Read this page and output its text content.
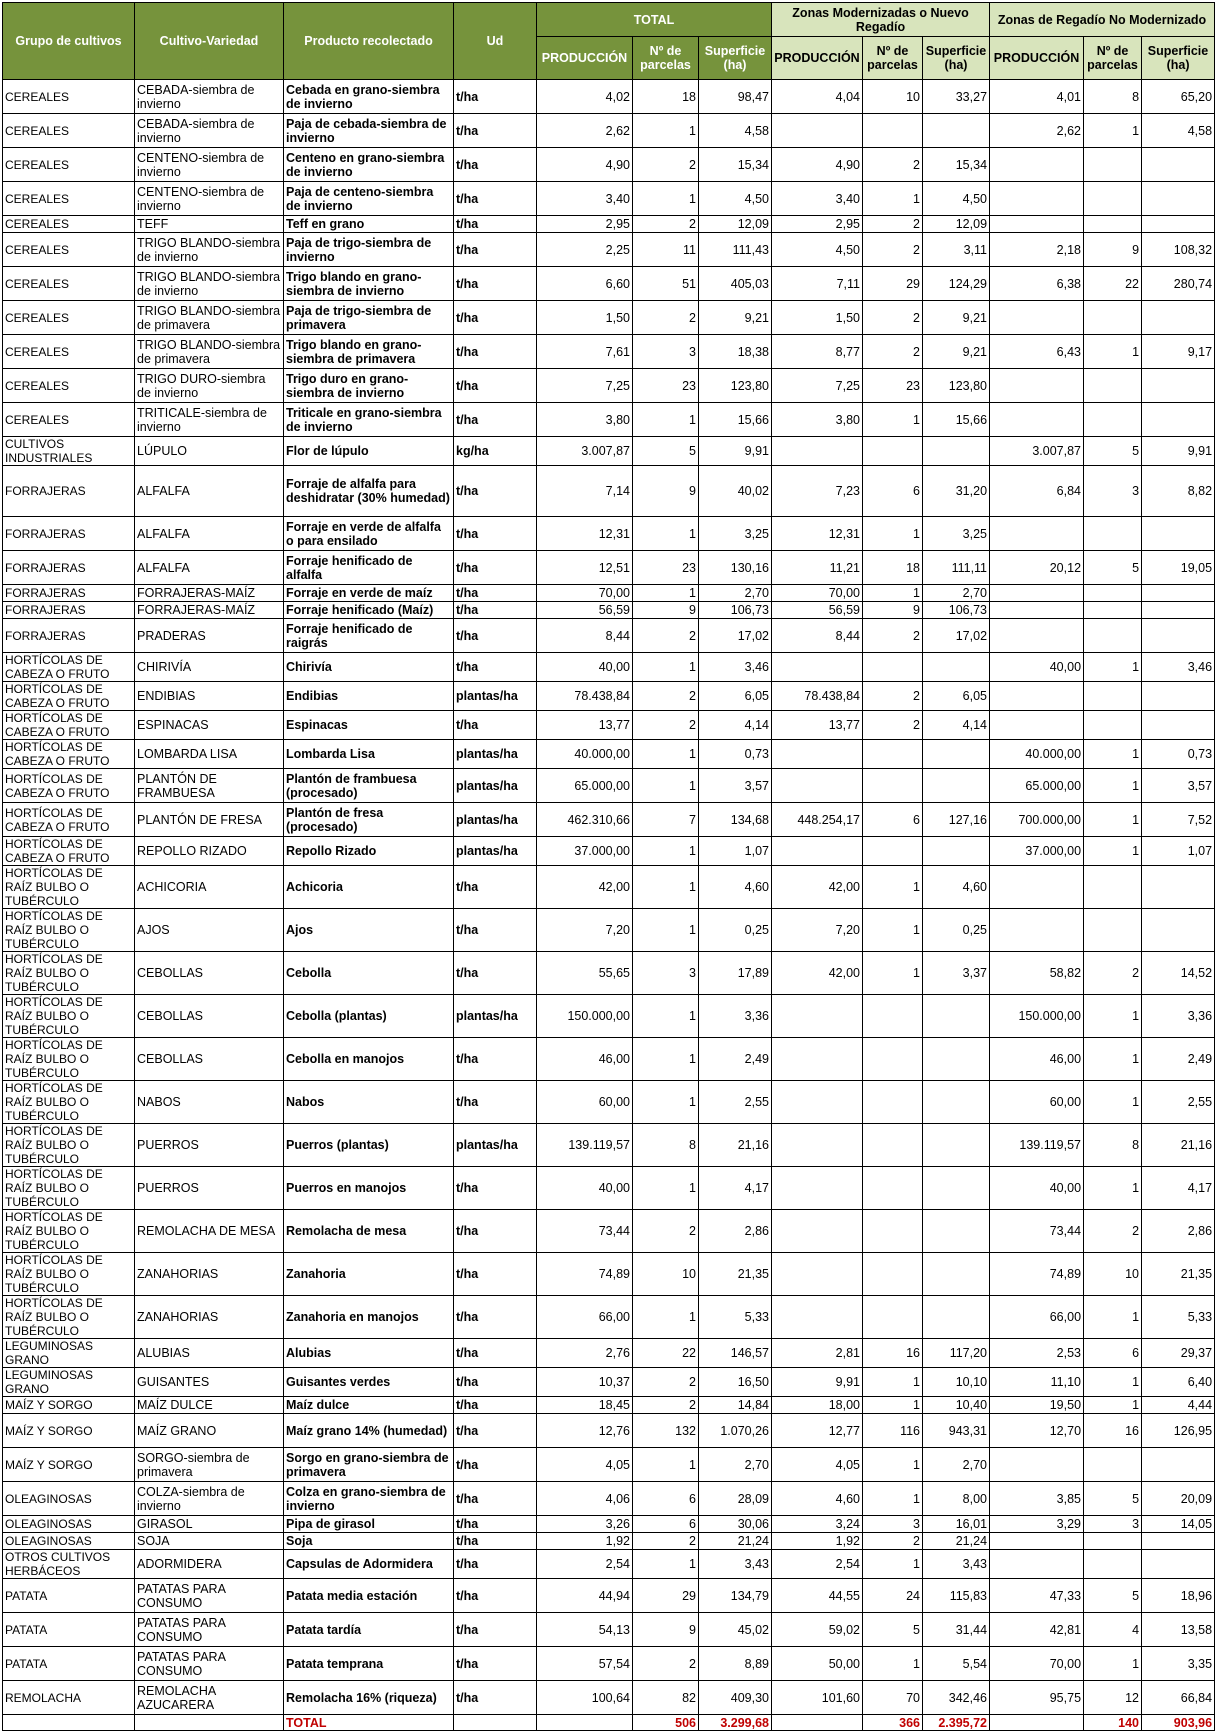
Grupo de cultivos	Cultivo-Variedad	Producto recolectado	Ud	TOTAL			Zonas Modernizadas o Nuevo Regadío			Zonas de Regadío No Modernizado		
				PRODUCCIÓN	Nº de parcelas	Superficie (ha)	PRODUCCIÓN	Nº de parcelas	Superficie (ha)	PRODUCCIÓN	Nº de parcelas	Superficie (ha)
CEREALES	CEBADA-siembra de invierno	Cebada en grano-siembra de invierno	t/ha	4,02	18	98,47	4,04	10	33,27	4,01	8	65,20
CEREALES	CEBADA-siembra de invierno	Paja de cebada-siembra de invierno	t/ha	2,62	1	4,58				2,62	1	4,58
CEREALES	CENTENO-siembra de invierno	Centeno en grano-siembra de invierno	t/ha	4,90	2	15,34	4,90	2	15,34			
CEREALES	CENTENO-siembra de invierno	Paja de centeno-siembra de invierno	t/ha	3,40	1	4,50	3,40	1	4,50			
CEREALES	TEFF	Teff en grano	t/ha	2,95	2	12,09	2,95	2	12,09			
CEREALES	TRIGO BLANDO-siembra de invierno	Paja de trigo-siembra de invierno	t/ha	2,25	11	111,43	4,50	2	3,11	2,18	9	108,32
CEREALES	TRIGO BLANDO-siembra de invierno	Trigo blando en grano-siembra de invierno	t/ha	6,60	51	405,03	7,11	29	124,29	6,38	22	280,74
CEREALES	TRIGO BLANDO-siembra de primavera	Paja de trigo-siembra de primavera	t/ha	1,50	2	9,21	1,50	2	9,21			
CEREALES	TRIGO BLANDO-siembra de primavera	Trigo blando en grano-siembra de primavera	t/ha	7,61	3	18,38	8,77	2	9,21	6,43	1	9,17
CEREALES	TRIGO DURO-siembra de invierno	Trigo duro en grano-siembra de invierno	t/ha	7,25	23	123,80	7,25	23	123,80			
CEREALES	TRITICALE-siembra de invierno	Triticale en grano-siembra de invierno	t/ha	3,80	1	15,66	3,80	1	15,66			
CULTIVOS INDUSTRIALES	LÚPULO	Flor de lúpulo	kg/ha	3.007,87	5	9,91				3.007,87	5	9,91
FORRAJERAS	ALFALFA	Forraje de alfalfa para deshidratar (30% humedad)	t/ha	7,14	9	40,02	7,23	6	31,20	6,84	3	8,82
FORRAJERAS	ALFALFA	Forraje en verde de alfalfa o para ensilado	t/ha	12,31	1	3,25	12,31	1	3,25			
FORRAJERAS	ALFALFA	Forraje henificado de alfalfa	t/ha	12,51	23	130,16	11,21	18	111,11	20,12	5	19,05
FORRAJERAS	FORRAJERAS-MAÍZ	Forraje en verde de maíz	t/ha	70,00	1	2,70	70,00	1	2,70			
FORRAJERAS	FORRAJERAS-MAÍZ	Forraje henificado (Maíz)	t/ha	56,59	9	106,73	56,59	9	106,73			
FORRAJERAS	PRADERAS	Forraje henificado de raigrás	t/ha	8,44	2	17,02	8,44	2	17,02			
HORTÍCOLAS DE CABEZA O FRUTO	CHIRIVÍA	Chirivía	t/ha	40,00	1	3,46				40,00	1	3,46
HORTÍCOLAS DE CABEZA O FRUTO	ENDIBIAS	Endibias	plantas/ha	78.438,84	2	6,05	78.438,84	2	6,05			
HORTÍCOLAS DE CABEZA O FRUTO	ESPINACAS	Espinacas	t/ha	13,77	2	4,14	13,77	2	4,14			
HORTÍCOLAS DE CABEZA O FRUTO	LOMBARDA LISA	Lombarda Lisa	plantas/ha	40.000,00	1	0,73				40.000,00	1	0,73
HORTÍCOLAS DE CABEZA O FRUTO	PLANTÓN DE FRAMBUESA	Plantón de frambuesa (procesado)	plantas/ha	65.000,00	1	3,57				65.000,00	1	3,57
HORTÍCOLAS DE CABEZA O FRUTO	PLANTÓN DE FRESA	Plantón de fresa (procesado)	plantas/ha	462.310,66	7	134,68	448.254,17	6	127,16	700.000,00	1	7,52
HORTÍCOLAS DE CABEZA O FRUTO	REPOLLO RIZADO	Repollo Rizado	plantas/ha	37.000,00	1	1,07				37.000,00	1	1,07
HORTÍCOLAS DE RAÍZ BULBO O TUBÉRCULO	ACHICORIA	Achicoria	t/ha	42,00	1	4,60	42,00	1	4,60			
HORTÍCOLAS DE RAÍZ BULBO O TUBÉRCULO	AJOS	Ajos	t/ha	7,20	1	0,25	7,20	1	0,25			
HORTÍCOLAS DE RAÍZ BULBO O TUBÉRCULO	CEBOLLAS	Cebolla	t/ha	55,65	3	17,89	42,00	1	3,37	58,82	2	14,52
HORTÍCOLAS DE RAÍZ BULBO O TUBÉRCULO	CEBOLLAS	Cebolla (plantas)	plantas/ha	150.000,00	1	3,36				150.000,00	1	3,36
HORTÍCOLAS DE RAÍZ BULBO O TUBÉRCULO	CEBOLLAS	Cebolla en manojos	t/ha	46,00	1	2,49				46,00	1	2,49
HORTÍCOLAS DE RAÍZ BULBO O TUBÉRCULO	NABOS	Nabos	t/ha	60,00	1	2,55				60,00	1	2,55
HORTÍCOLAS DE RAÍZ BULBO O TUBÉRCULO	PUERROS	Puerros (plantas)	plantas/ha	139.119,57	8	21,16				139.119,57	8	21,16
HORTÍCOLAS DE RAÍZ BULBO O TUBÉRCULO	PUERROS	Puerros en manojos	t/ha	40,00	1	4,17				40,00	1	4,17
HORTÍCOLAS DE RAÍZ BULBO O TUBÉRCULO	REMOLACHA DE MESA	Remolacha de mesa	t/ha	73,44	2	2,86				73,44	2	2,86
HORTÍCOLAS DE RAÍZ BULBO O TUBÉRCULO	ZANAHORIAS	Zanahoria	t/ha	74,89	10	21,35				74,89	10	21,35
HORTÍCOLAS DE RAÍZ BULBO O TUBÉRCULO	ZANAHORIAS	Zanahoria en manojos	t/ha	66,00	1	5,33				66,00	1	5,33
LEGUMINOSAS GRANO	ALUBIAS	Alubias	t/ha	2,76	22	146,57	2,81	16	117,20	2,53	6	29,37
LEGUMINOSAS GRANO	GUISANTES	Guisantes verdes	t/ha	10,37	2	16,50	9,91	1	10,10	11,10	1	6,40
MAÍZ Y SORGO	MAÍZ DULCE	Maíz dulce	t/ha	18,45	2	14,84	18,00	1	10,40	19,50	1	4,44
MAÍZ Y SORGO	MAÍZ GRANO	Maíz grano 14% (humedad)	t/ha	12,76	132	1.070,26	12,77	116	943,31	12,70	16	126,95
MAÍZ Y SORGO	SORGO-siembra de primavera	Sorgo en grano-siembra de primavera	t/ha	4,05	1	2,70	4,05	1	2,70			
OLEAGINOSAS	COLZA-siembra de invierno	Colza en grano-siembra de invierno	t/ha	4,06	6	28,09	4,60	1	8,00	3,85	5	20,09
OLEAGINOSAS	GIRASOL	Pipa de girasol	t/ha	3,26	6	30,06	3,24	3	16,01	3,29	3	14,05
OLEAGINOSAS	SOJA	Soja	t/ha	1,92	2	21,24	1,92	2	21,24			
OTROS CULTIVOS HERBÁCEOS	ADORMIDERA	Capsulas de Adormidera	t/ha	2,54	1	3,43	2,54	1	3,43			
PATATA	PATATAS PARA CONSUMO	Patata media estación	t/ha	44,94	29	134,79	44,55	24	115,83	47,33	5	18,96
PATATA	PATATAS PARA CONSUMO	Patata tardía	t/ha	54,13	9	45,02	59,02	5	31,44	42,81	4	13,58
PATATA	PATATAS PARA CONSUMO	Patata temprana	t/ha	57,54	2	8,89	50,00	1	5,54	70,00	1	3,35
REMOLACHA	REMOLACHA AZUCARERA	Remolacha 16% (riqueza)	t/ha	100,64	82	409,30	101,60	70	342,46	95,75	12	66,84
		TOTAL			506	3.299,68		366	2.395,72		140	903,96
